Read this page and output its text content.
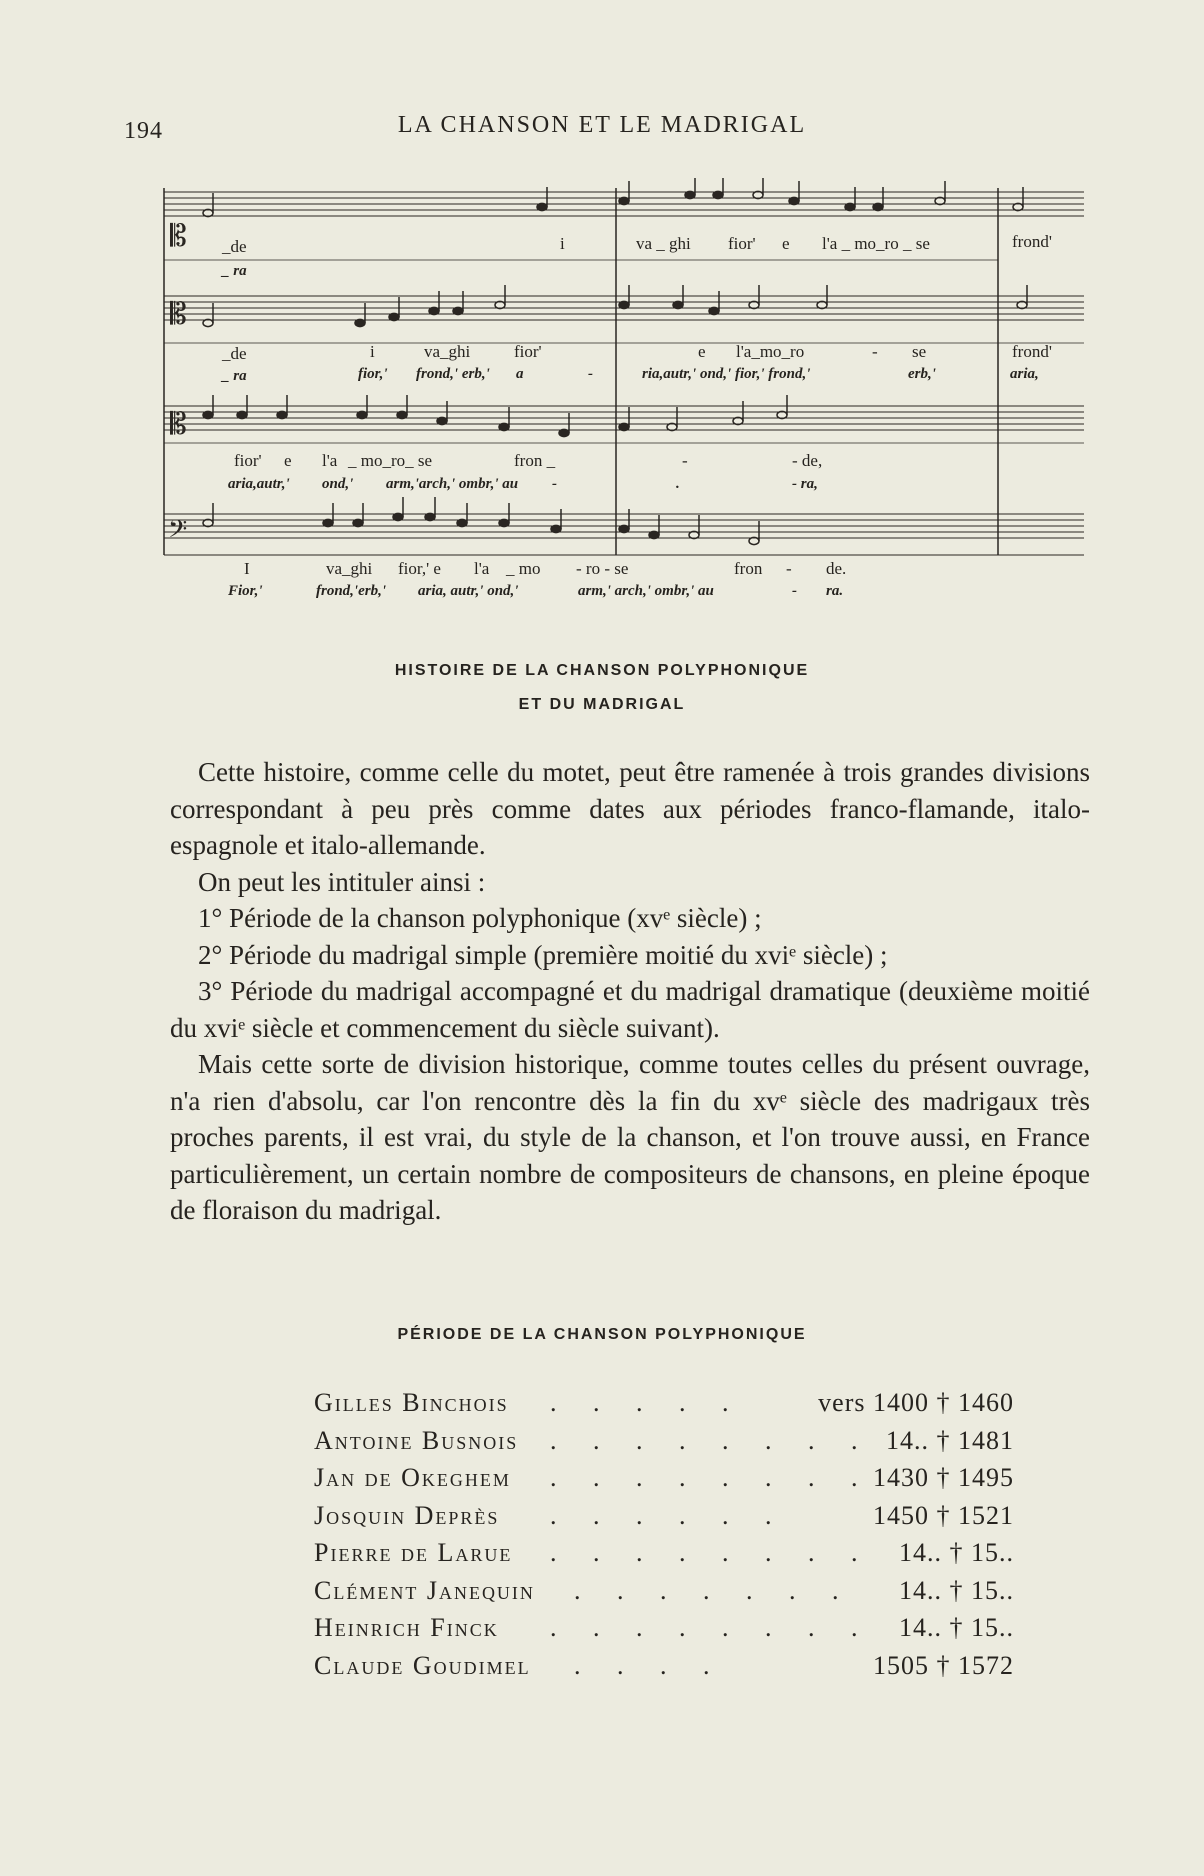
194	LA CHANSON ET LE MADRIGAL
𝄡
𝄡
𝄡
𝄢
_de	i	va _ ghi fior' e l'a _ mo_ro _ se	frond'
_ ra
_de	i	va_ghi	fior'	e l'a_mo_ro	- se	frond'
_ ra	fior,' frond,' erb,' a	-	ria,autr,' ond,' fior,' frond,'	erb,'	aria,
fior' e l'a _ mo_ro_ se	fron _	-	- de,
aria,autr,' ond,' arm,'arch,' ombr,' au -	.	- ra,
I	va_ghi fior,' e l'a _ mo - ro - se	fron - de.
Fior,'	frond,'erb,' aria, autr,' ond,'	arm,' arch,' ombr,' au	- ra.
HISTOIRE DE LA CHANSON POLYPHONIQUE
ET DU MADRIGAL

Cette histoire, comme celle du motet, peut être ramenée à trois grandes divisions correspondant à peu près comme dates aux périodes franco-flamande, italo-espagnole et italo-allemande.

On peut les intituler ainsi :

1° Période de la chanson polyphonique (xvᵉ siècle) ;

2° Période du madrigal simple (première moitié du xviᵉ siècle) ;

3° Période du madrigal accompagné et du madrigal dramatique (deuxième moitié du xviᵉ siècle et commencement du siècle suivant).

Mais cette sorte de division historique, comme toutes celles du présent ouvrage, n'a rien d'absolu, car l'on rencontre dès la fin du xvᵉ siècle des madrigaux très proches parents, il est vrai, du style de la chanson, et l'on trouve aussi, en France particulièrement, un certain nombre de compositeurs de chansons, en pleine époque de floraison du madrigal.

PÉRIODE DE LA CHANSON POLYPHONIQUE
Gilles Binchois . . . . .	vers 1400 † 1460
Antoine Busnois . . . . . . . . 14.. † 1481
Jan de Okeghem . . . . . . . . 1430 † 1495
Josquin Deprès . . . . . .	1450 † 1521
Pierre de Larue . . . . . . . . 14.. † 15..
Clément Janequin . . . . . . . 14.. † 15..
Heinrich Finck . . . . . . . . 14.. † 15..
Claude Goudimel . . . .	1505 † 1572
